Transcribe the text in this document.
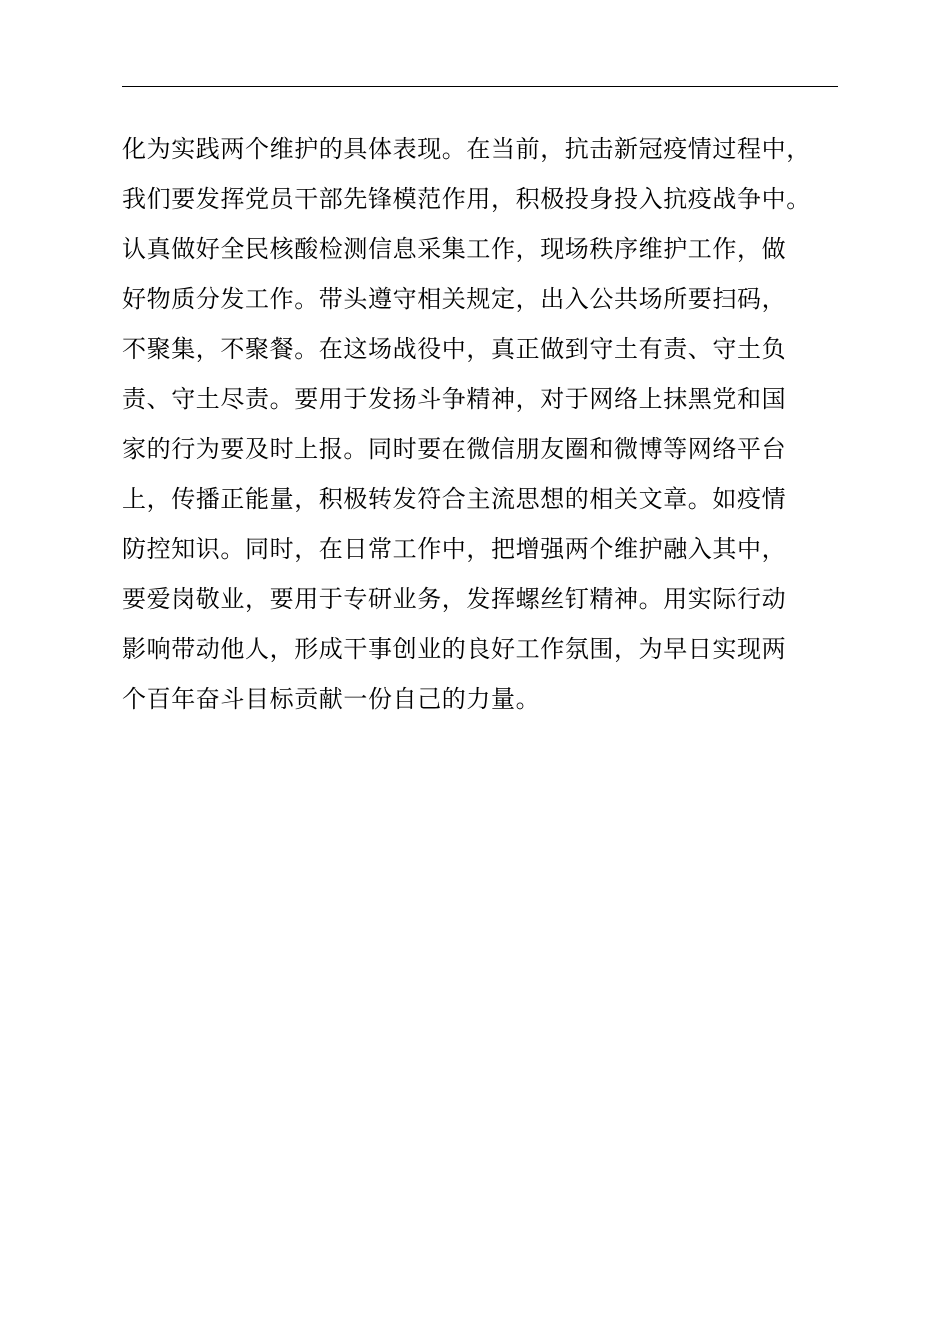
化为实践两个维护的具体表现。在当前，抗击新冠疫情过程中，
我们要发挥党员干部先锋模范作用，积极投身投入抗疫战争中。
认真做好全民核酸检测信息采集工作，现场秩序维护工作，做
好物质分发工作。带头遵守相关规定，出入公共场所要扫码，
不聚集，不聚餐。在这场战役中，真正做到守土有责、守土负
责、守土尽责。要用于发扬斗争精神，对于网络上抹黑党和国
家的行为要及时上报。同时要在微信朋友圈和微博等网络平台
上，传播正能量，积极转发符合主流思想的相关文章。如疫情
防控知识。同时，在日常工作中，把增强两个维护融入其中，
要爱岗敬业，要用于专研业务，发挥螺丝钉精神。用实际行动
影响带动他人，形成干事创业的良好工作氛围，为早日实现两
个百年奋斗目标贡献一份自己的力量。
